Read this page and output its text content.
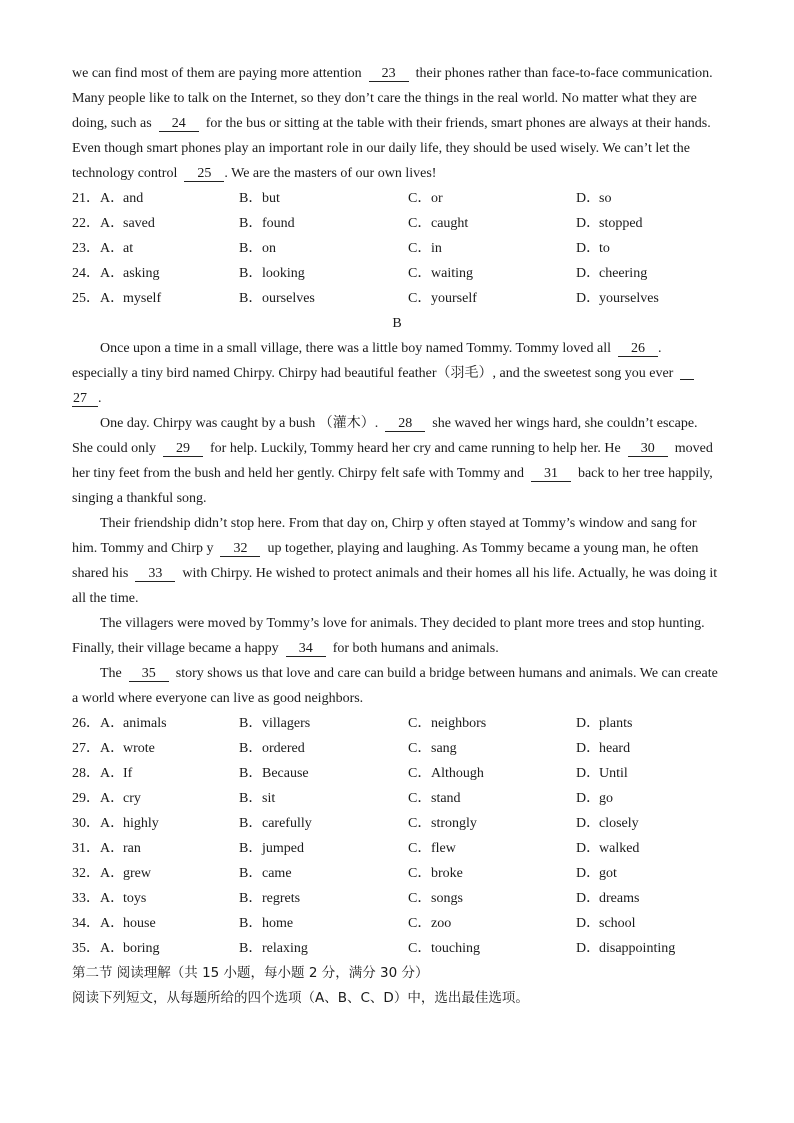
we can find most of them are paying more attention  23  their phones rather than face-to-face communication.
Many people like to talk on the Internet, so they don’t care the things in the real world. No matter what they are
doing, such as  24  for the bus or sitting at the table with their friends, smart phones are always at their hands.
Even though smart phones play an important role in our daily life, they should be used wisely. We can’t let the
technology control  25 . We are the masters of our own lives!
21． A．and	B．but	C．or	D．so
22． A．saved	B．found	C．caught	D．stopped
23． A．at	B．on	C．in	D．to
24． A．asking	B．looking	C．waiting	D．cheering
25． A．myself	B．ourselves	C．yourself	D．yourselves
B
Once upon a time in a small village, there was a little boy named Tommy. Tommy loved all  26 .
especially a tiny bird named Chirpy. Chirpy had beautiful feather（羽毛）, and the sweetest song you ever
27 .
One day. Chirpy was caught by a bush （灌木）.  28  she waved her wings hard, she couldn’t escape.
She could only  29  for help. Luckily, Tommy heard her cry and came running to help her. He  30  moved
her tiny feet from the bush and held her gently. Chirpy felt safe with Tommy and  31  back to her tree happily,
singing a thankful song.
Their friendship didn’t stop here. From that day on, Chirp y often stayed at Tommy’s window and sang for
him. Tommy and Chirp y  32  up together, playing and laughing. As Tommy became a young man, he often
shared his  33  with Chirpy. He wished to protect animals and their homes all his life. Actually, he was doing it
all the time.
The villagers were moved by Tommy’s love for animals. They decided to plant more trees and stop hunting.
Finally, their village became a happy  34  for both humans and animals.
The  35  story shows us that love and care can build a bridge between humans and animals. We can create
a world where everyone can live as good neighbors.
26． A．animals	B．villagers	C．neighbors	D．plants
27． A．wrote	B．ordered	C．sang	D．heard
28． A．If	B．Because	C．Although	D．Until
29． A．cry	B．sit	C．stand	D．go
30． A．highly	B．carefully	C．strongly	D．closely
31． A．ran	B．jumped	C．flew	D．walked
32． A．grew	B．came	C．broke	D．got
33． A．toys	B．regrets	C．songs	D．dreams
34． A．house	B．home	C．zoo	D．school
35． A．boring	B．relaxing	C．touching	D．disappointing
第二节 阅读理解（共 15 小题，每小题 2 分，满分 30 分）
阅读下列短文，从每题所给的四个选项（A、B、C、D）中，选出最佳选项。
